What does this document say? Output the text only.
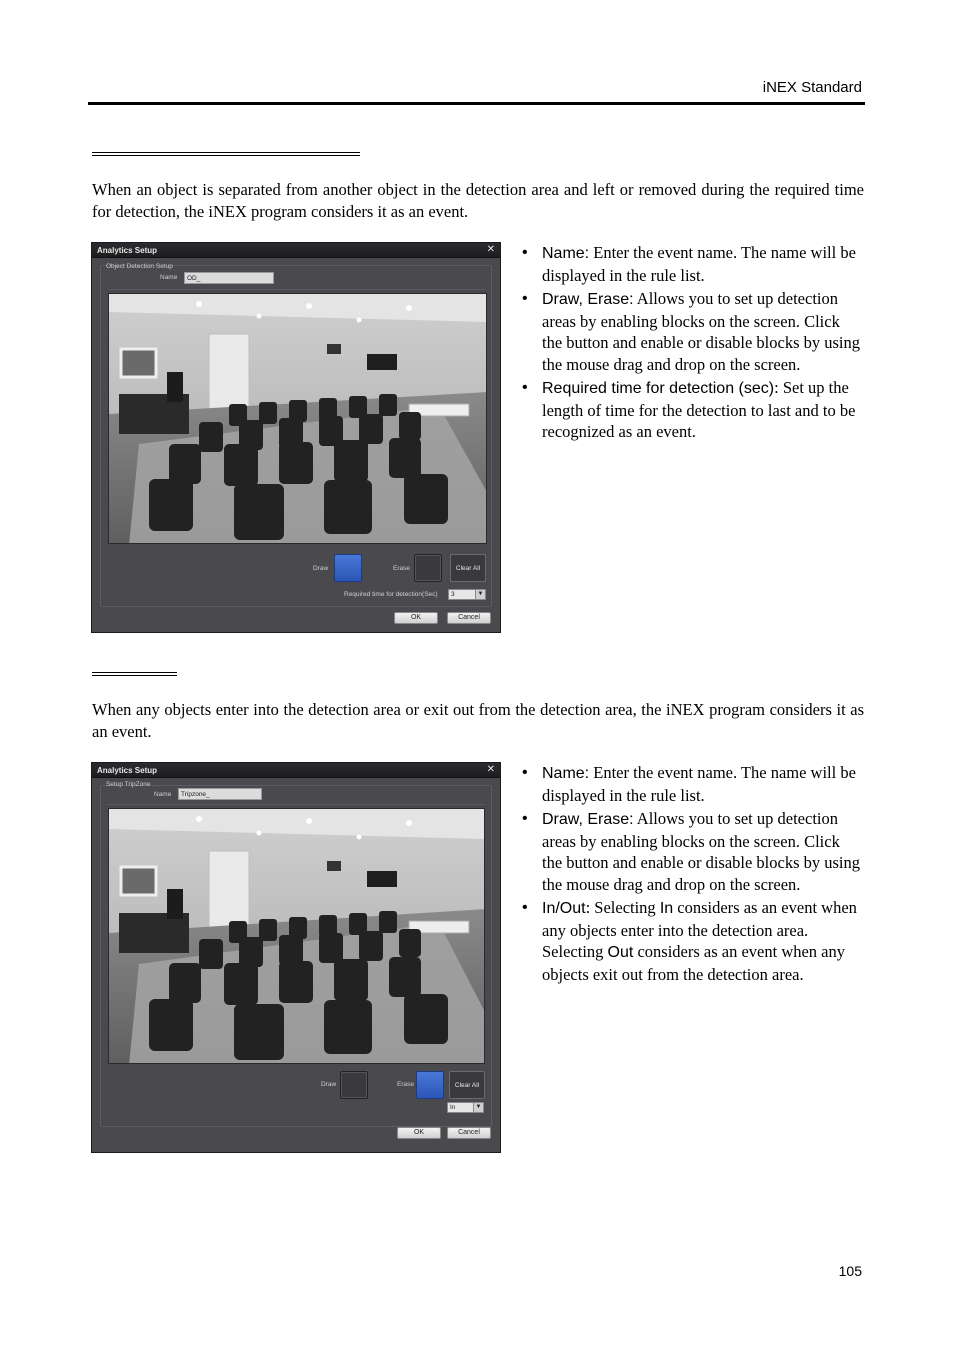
iNEX Standard

When an object is separated from another object in the detection area and left or removed during the required time for detection, the iNEX program considers it as an event.

Analytics Setup	✕
Object Detection Setup
Name	OD_
Draw	Erase	Clear All
Required time for detection(Sec)	3	▼
OK	Cancel
• Name: Enter the event name. The name will be displayed in the rule list.
• Draw, Erase: Allows you to set up detection areas by enabling blocks on the screen. Click the button and enable or disable blocks by using the mouse drag and drop on the screen.
• Required time for detection (sec): Set up the length of time for the detection to last and to be recognized as an event.

When any objects enter into the detection area or exit out from the detection area, the iNEX program considers it as an event.

Analytics Setup	✕
Setup TripZone
Name	Tripzone_
Draw	Erase	Clear All
In	▼
OK	Cancel
• Name: Enter the event name. The name will be displayed in the rule list.
• Draw, Erase: Allows you to set up detection areas by enabling blocks on the screen. Click the button and enable or disable blocks by using the mouse drag and drop on the screen.
• In/Out: Selecting In considers as an event when any objects enter into the detection area. Selecting Out considers as an event when any objects exit out from the detection area.
105
